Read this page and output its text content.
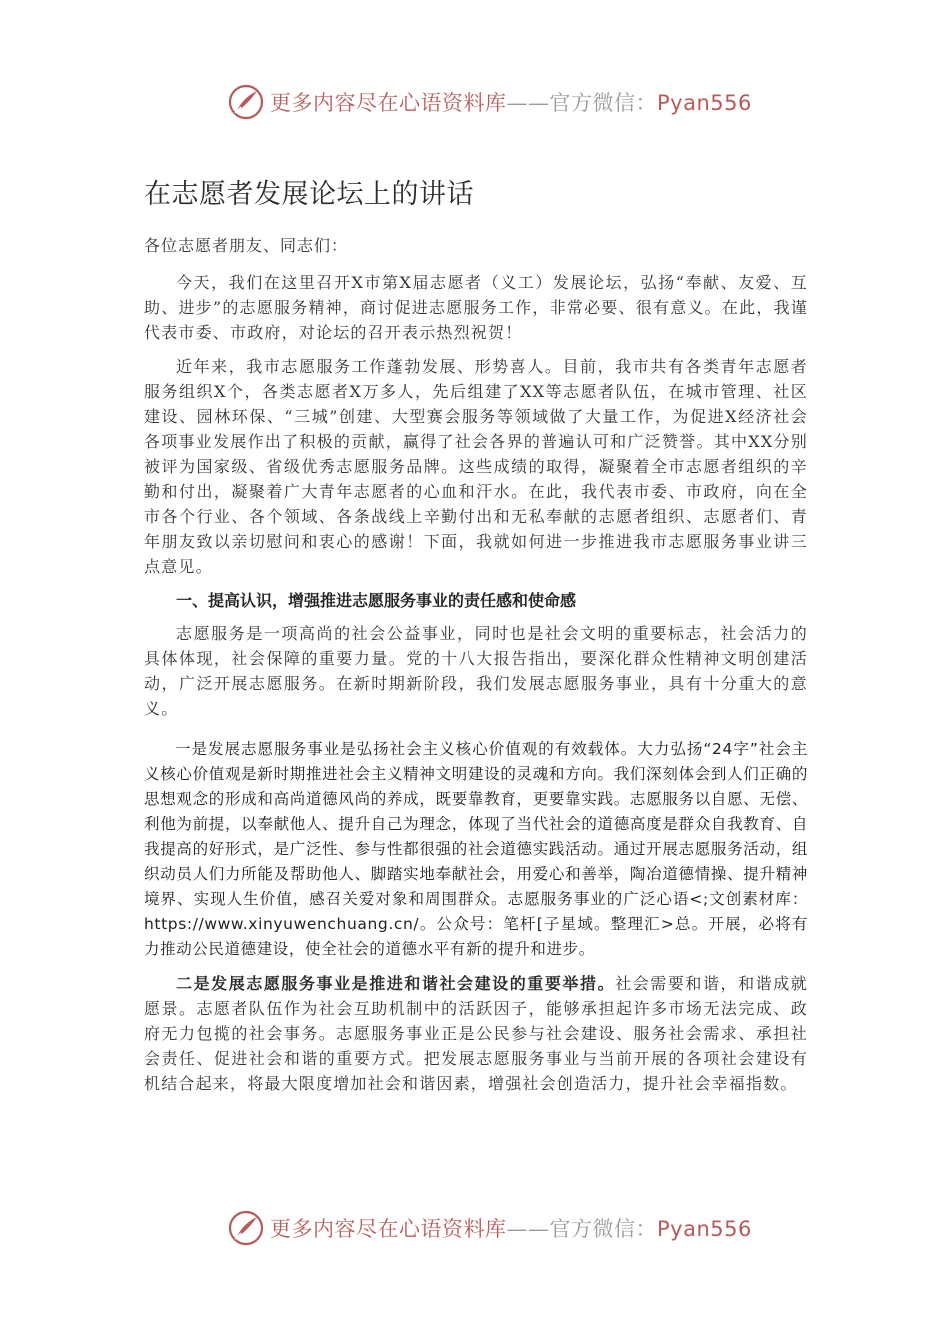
更多内容尽在心语资料库——官方微信：Pyan556
在志愿者发展论坛上的讲话
各位志愿者朋友、同志们：

今天，我们在这里召开X市第X届志愿者（义工）发展论坛，弘扬“奉献、友爱、互助、进步”的志愿服务精神，商讨促进志愿服务工作，非常必要、很有意义。在此，我谨代表市委、市政府，对论坛的召开表示热烈祝贺！

近年来，我市志愿服务工作蓬勃发展、形势喜人。目前，我市共有各类青年志愿者服务组织X个，各类志愿者X万多人，先后组建了XX等志愿者队伍，在城市管理、社区建设、园林环保、“三城”创建、大型赛会服务等领域做了大量工作，为促进X经济社会各项事业发展作出了积极的贡献，赢得了社会各界的普遍认可和广泛赞誉。其中XX分别被评为国家级、省级优秀志愿服务品牌。这些成绩的取得，凝聚着全市志愿者组织的辛勤和付出，凝聚着广大青年志愿者的心血和汗水。在此，我代表市委、市政府，向在全市各个行业、各个领域、各条战线上辛勤付出和无私奉献的志愿者组织、志愿者们、青年朋友致以亲切慰问和衷心的感谢！下面，我就如何进一步推进我市志愿服务事业讲三点意见。

一、提高认识，增强推进志愿服务事业的责任感和使命感

志愿服务是一项高尚的社会公益事业，同时也是社会文明的重要标志，社会活力的具体体现，社会保障的重要力量。党的十八大报告指出，要深化群众性精神文明创建活动，广泛开展志愿服务。在新时期新阶段，我们发展志愿服务事业，具有十分重大的意义。

一是发展志愿服务事业是弘扬社会主义核心价值观的有效载体。大力弘扬“24字”社会主义核心价值观是新时期推进社会主义精神文明建设的灵魂和方向。我们深刻体会到人们正确的思想观念的形成和高尚道德风尚的养成，既要靠教育，更要靠实践。志愿服务以自愿、无偿、利他为前提，以奉献他人、提升自己为理念，体现了当代社会的道德高度是群众自我教育、自我提高的好形式，是广泛性、参与性都很强的社会道德实践活动。通过开展志愿服务活动，组织动员人们力所能及帮助他人、脚踏实地奉献社会，用爱心和善举，陶冶道德情操、提升精神境界、实现人生价值，感召关爱对象和周围群众。志愿服务事业的广泛心语<;文创素材库：https://www.xinyuwenchuang.cn/。公众号：笔杆[子星域。整理汇>总。开展，必将有力推动公民道德建设，使全社会的道德水平有新的提升和进步。

二是发展志愿服务事业是推进和谐社会建设的重要举措。社会需要和谐，和谐成就愿景。志愿者队伍作为社会互助机制中的活跃因子，能够承担起许多市场无法完成、政府无力包揽的社会事务。志愿服务事业正是公民参与社会建设、服务社会需求、承担社会责任、促进社会和谐的重要方式。把发展志愿服务事业与当前开展的各项社会建设有机结合起来，将最大限度增加社会和谐因素，增强社会创造活力，提升社会幸福指数。

更多内容尽在心语资料库——官方微信：Pyan556
